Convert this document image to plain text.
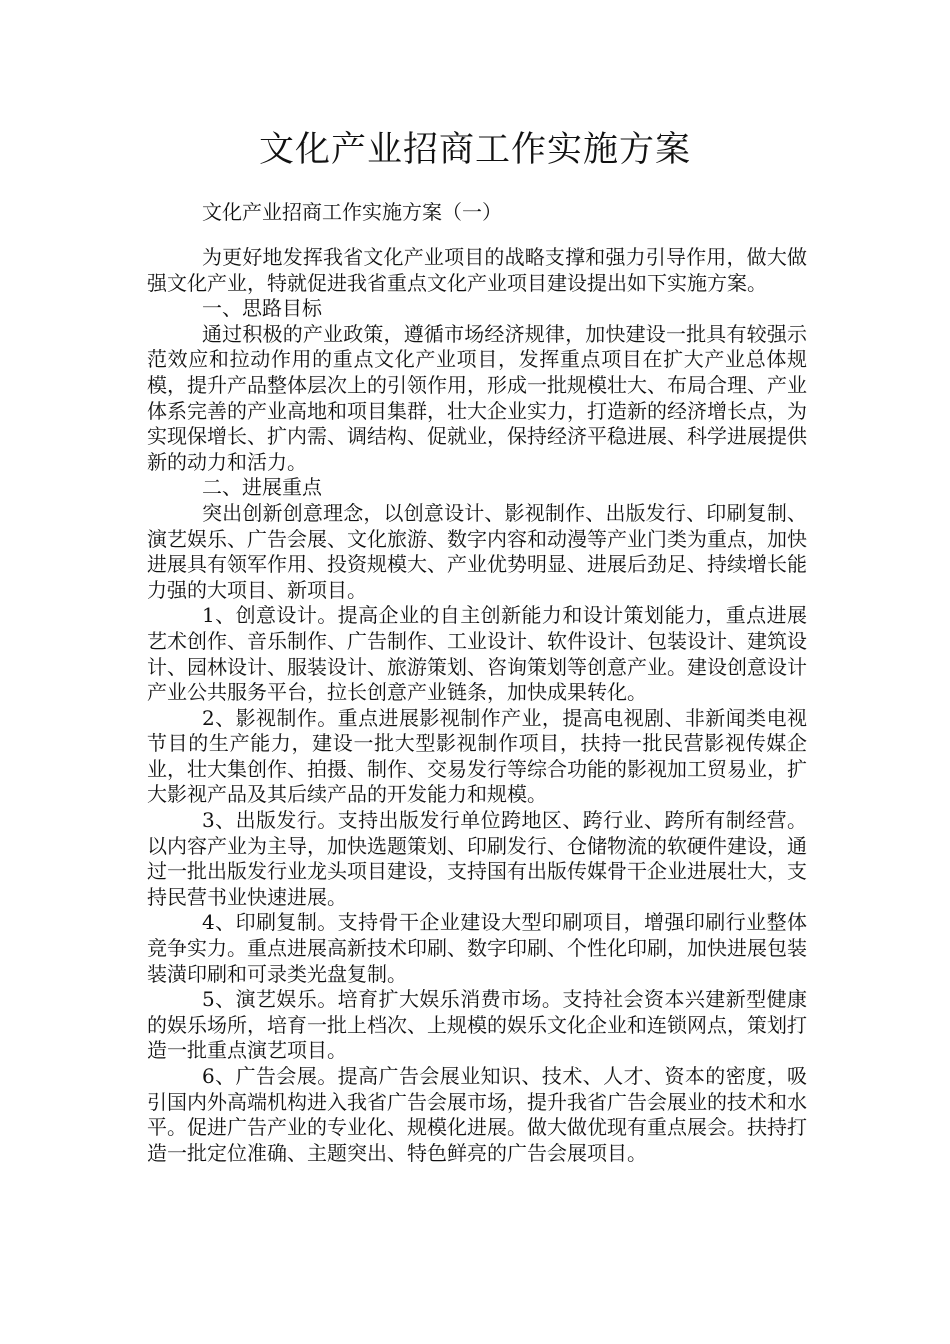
文化产业招商工作实施方案

文化产业招商工作实施方案（一）

为更好地发挥我省文化产业项目的战略支撑和强力引导作用，做大做强文化产业，特就促进我省重点文化产业项目建设提出如下实施方案。

一、思路目标

通过积极的产业政策，遵循市场经济规律，加快建设一批具有较强示范效应和拉动作用的重点文化产业项目，发挥重点项目在扩大产业总体规模，提升产品整体层次上的引领作用，形成一批规模壮大、布局合理、产业体系完善的产业高地和项目集群，壮大企业实力，打造新的经济增长点，为实现保增长、扩内需、调结构、促就业，保持经济平稳进展、科学进展提供新的动力和活力。

二、进展重点

突出创新创意理念，以创意设计、影视制作、出版发行、印刷复制、演艺娱乐、广告会展、文化旅游、数字内容和动漫等产业门类为重点，加快进展具有领军作用、投资规模大、产业优势明显、进展后劲足、持续增长能力强的大项目、新项目。

1、创意设计。提高企业的自主创新能力和设计策划能力，重点进展艺术创作、音乐制作、广告制作、工业设计、软件设计、包装设计、建筑设计、园林设计、服装设计、旅游策划、咨询策划等创意产业。建设创意设计产业公共服务平台，拉长创意产业链条，加快成果转化。

2、影视制作。重点进展影视制作产业，提高电视剧、非新闻类电视节目的生产能力，建设一批大型影视制作项目，扶持一批民营影视传媒企业，壮大集创作、拍摄、制作、交易发行等综合功能的影视加工贸易业，扩大影视产品及其后续产品的开发能力和规模。

3、出版发行。支持出版发行单位跨地区、跨行业、跨所有制经营。以内容产业为主导，加快选题策划、印刷发行、仓储物流的软硬件建设，通过一批出版发行业龙头项目建设，支持国有出版传媒骨干企业进展壮大，支持民营书业快速进展。

4、印刷复制。支持骨干企业建设大型印刷项目，增强印刷行业整体竞争实力。重点进展高新技术印刷、数字印刷、个性化印刷，加快进展包装装潢印刷和可录类光盘复制。

5、演艺娱乐。培育扩大娱乐消费市场。支持社会资本兴建新型健康的娱乐场所，培育一批上档次、上规模的娱乐文化企业和连锁网点，策划打造一批重点演艺项目。

6、广告会展。提高广告会展业知识、技术、人才、资本的密度，吸引国内外高端机构进入我省广告会展市场，提升我省广告会展业的技术和水平。促进广告产业的专业化、规模化进展。做大做优现有重点展会。扶持打造一批定位准确、主题突出、特色鲜亮的广告会展项目。
